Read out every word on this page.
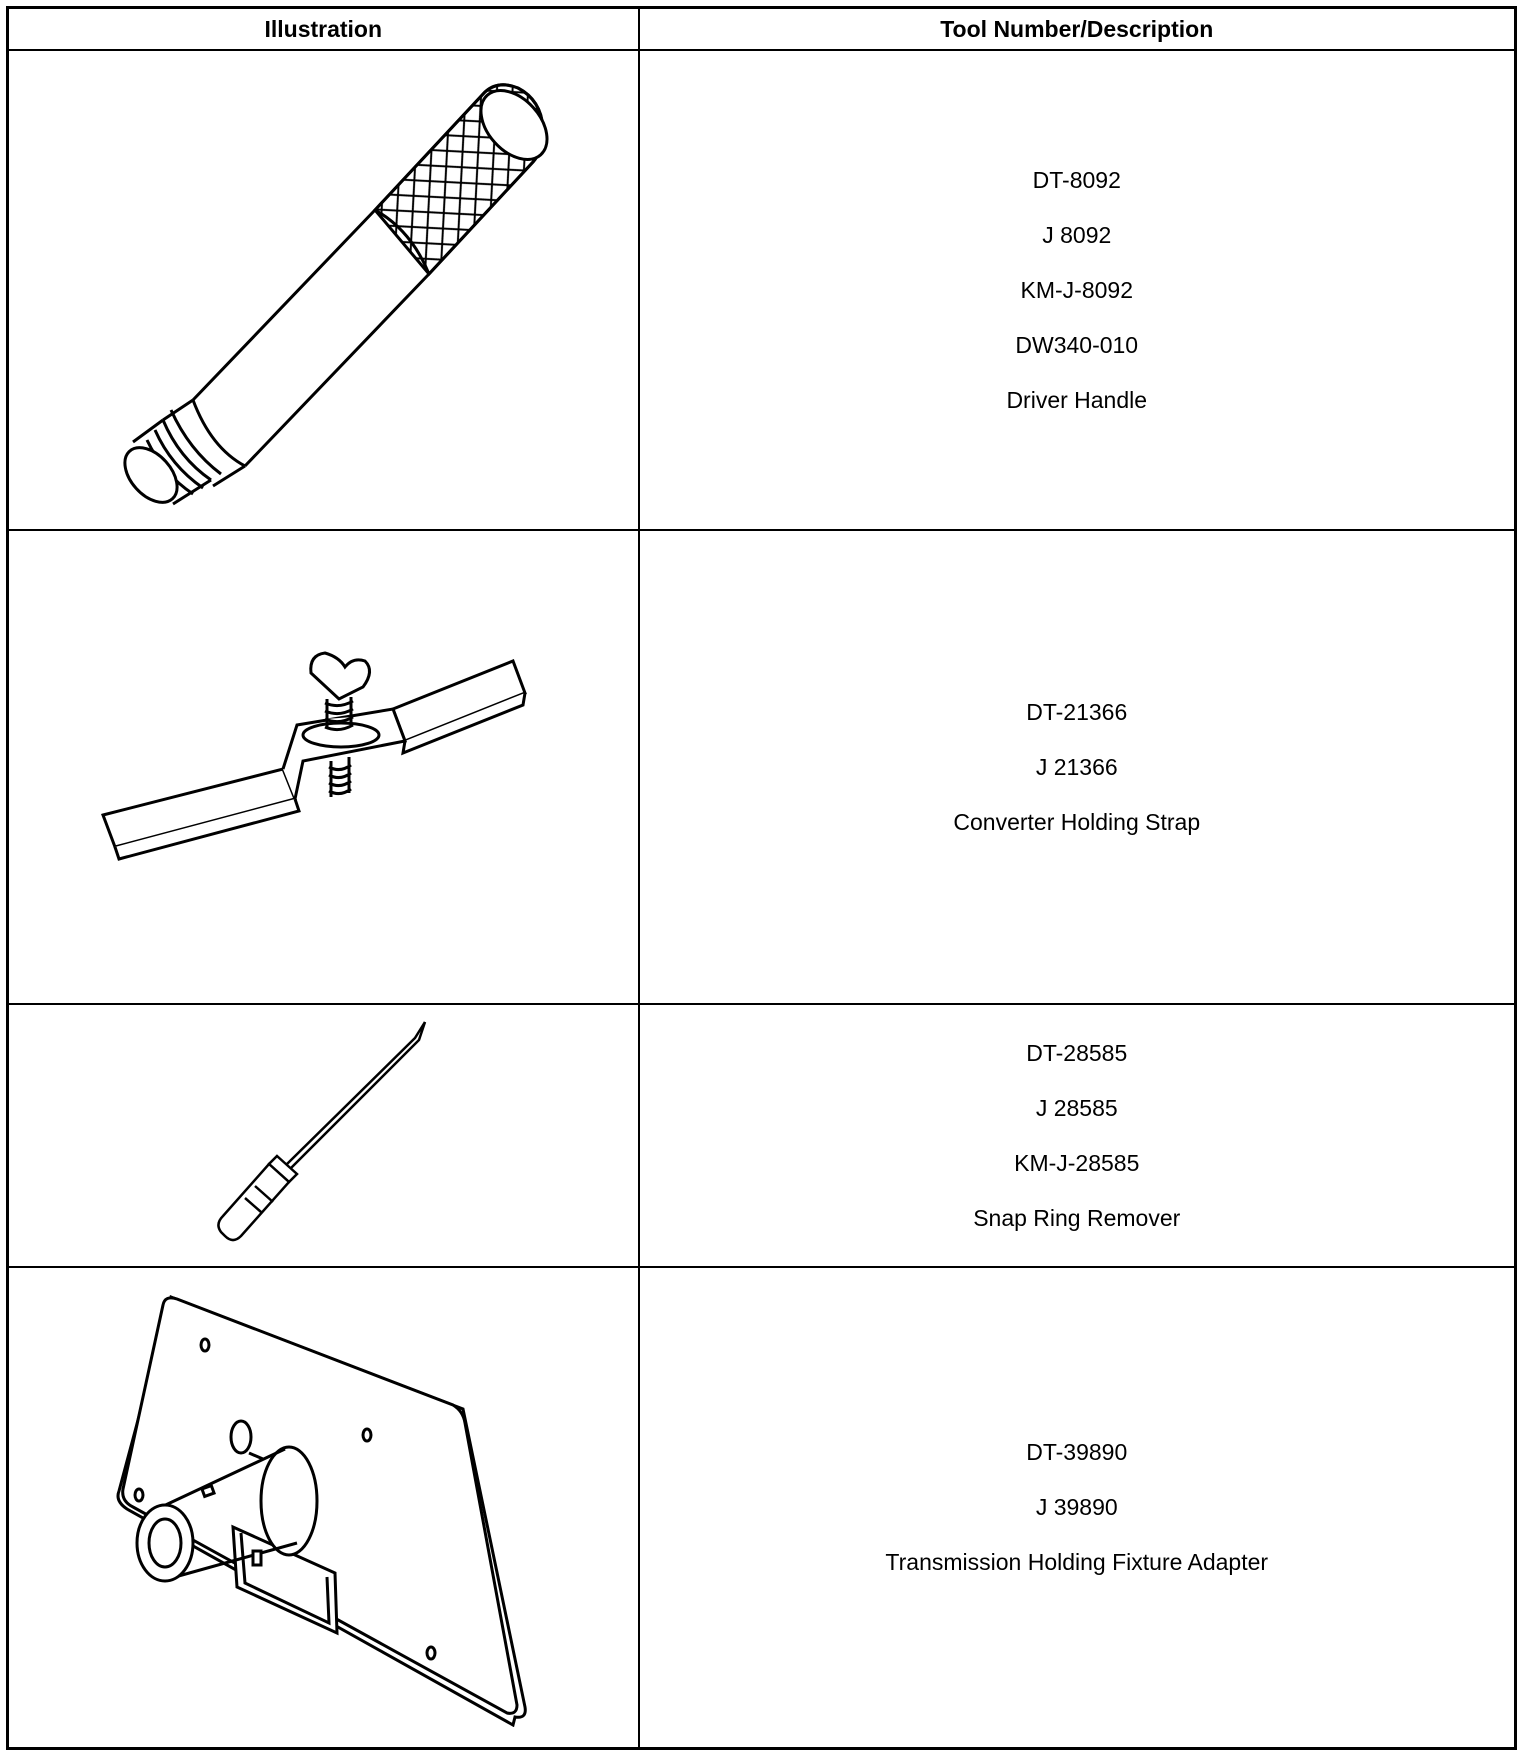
Illustration	Tool Number/Description

DT-8092
J 8092
KM-J-8092
DW340-010
Driver Handle

DT-21366
J 21366
Converter Holding Strap

DT-28585
J 28585
KM-J-28585
Snap Ring Remover

DT-39890
J 39890
Transmission Holding Fixture Adapter
